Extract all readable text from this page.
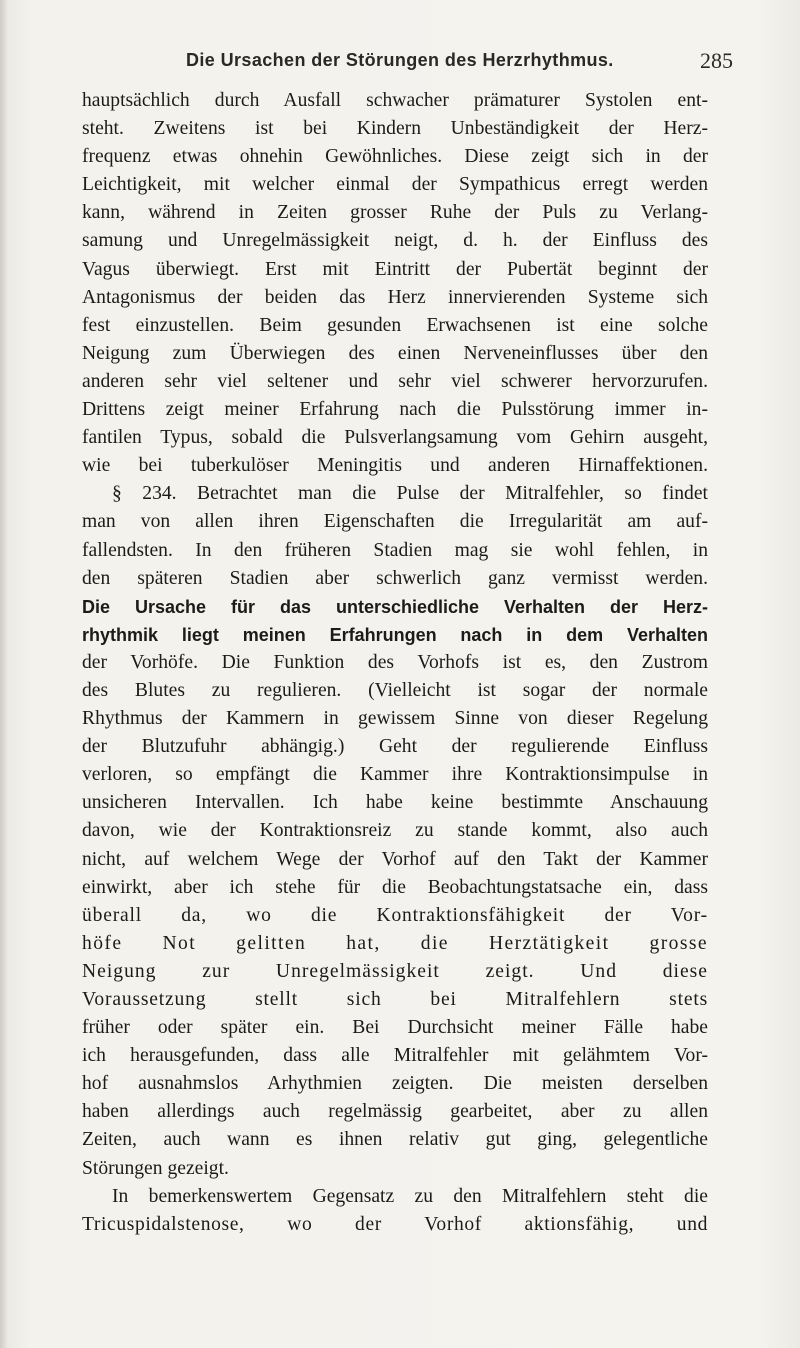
Die Ursachen der Störungen des Herzrhythmus.	285
hauptsächlich durch Ausfall schwacher prämaturer Systolen ent-
steht. Zweitens ist bei Kindern Unbeständigkeit der Herz-
frequenz etwas ohnehin Gewöhnliches. Diese zeigt sich in der
Leichtigkeit, mit welcher einmal der Sympathicus erregt werden
kann, während in Zeiten grosser Ruhe der Puls zu Verlang-
samung und Unregelmässigkeit neigt, d. h. der Einfluss des
Vagus überwiegt. Erst mit Eintritt der Pubertät beginnt der
Antagonismus der beiden das Herz innervierenden Systeme sich
fest einzustellen. Beim gesunden Erwachsenen ist eine solche
Neigung zum Überwiegen des einen Nerveneinflusses über den
anderen sehr viel seltener und sehr viel schwerer hervorzurufen.
Drittens zeigt meiner Erfahrung nach die Pulsstörung immer in-
fantilen Typus, sobald die Pulsverlangsamung vom Gehirn ausgeht,
wie bei tuberkulöser Meningitis und anderen Hirnaffektionen.
§ 234. Betrachtet man die Pulse der Mitralfehler, so findet
man von allen ihren Eigenschaften die Irregularität am auf-
fallendsten. In den früheren Stadien mag sie wohl fehlen, in
den späteren Stadien aber schwerlich ganz vermisst werden.
Die Ursache für das unterschiedliche Verhalten der Herz-
rhythmik liegt meinen Erfahrungen nach in dem Verhalten
der Vorhöfe. Die Funktion des Vorhofs ist es, den Zustrom
des Blutes zu regulieren. (Vielleicht ist sogar der normale
Rhythmus der Kammern in gewissem Sinne von dieser Regelung
der Blutzufuhr abhängig.) Geht der regulierende Einfluss
verloren, so empfängt die Kammer ihre Kontraktionsimpulse in
unsicheren Intervallen. Ich habe keine bestimmte Anschauung
davon, wie der Kontraktionsreiz zu stande kommt, also auch
nicht, auf welchem Wege der Vorhof auf den Takt der Kammer
einwirkt, aber ich stehe für die Beobachtungstatsache ein, dass
überall da, wo die Kontraktionsfähigkeit der Vor-
höfe Not gelitten hat, die Herztätigkeit grosse
Neigung zur Unregelmässigkeit zeigt. Und diese
Voraussetzung stellt sich bei Mitralfehlern stets
früher oder später ein. Bei Durchsicht meiner Fälle habe
ich herausgefunden, dass alle Mitralfehler mit gelähmtem Vor-
hof ausnahmslos Arhythmien zeigten. Die meisten derselben
haben allerdings auch regelmässig gearbeitet, aber zu allen
Zeiten, auch wann es ihnen relativ gut ging, gelegentliche
Störungen gezeigt.
In bemerkenswertem Gegensatz zu den Mitralfehlern steht die
Tricuspidalstenose, wo der Vorhof aktionsfähig, und
